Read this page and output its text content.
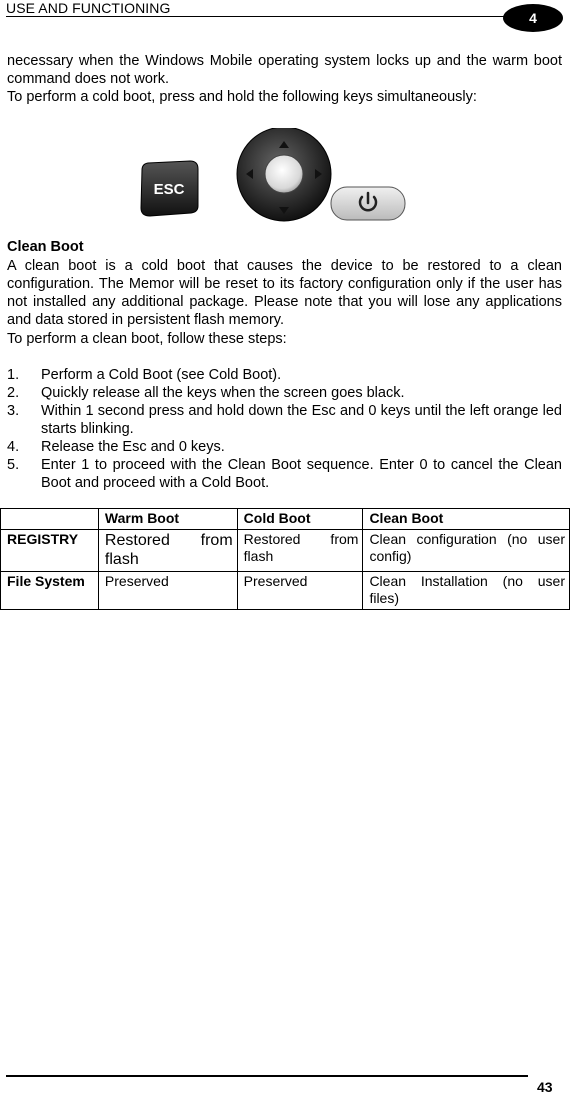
USE AND FUNCTIONING
4
necessary when the Windows Mobile operating system locks up and the warm boot command does not work.
To perform a cold boot, press and hold the following keys simultaneously:
ESC
Clean Boot
A clean boot is a cold boot that causes the device to be restored to a clean configuration. The Memor will be reset to its factory configuration only if the user has not installed any additional package. Please note that you will lose any applications and data stored in persistent flash memory.
To perform a clean boot, follow these steps:
1.	Perform a Cold Boot (see Cold Boot).
2.	Quickly release all the keys when the screen goes black.
3.	Within 1 second press and hold down the Esc and 0 keys until the left orange led starts blinking.
4.	Release the Esc and 0 keys.
5.	Enter 1 to proceed with the Clean Boot sequence. Enter 0 to cancel the Clean Boot and proceed with a Cold Boot.
	Warm Boot	Cold Boot	Clean Boot
REGISTRY	Restored from flash	Restored from flash	Clean configuration (no user config)
File System	Preserved	Preserved	Clean Installation (no user files)
43
